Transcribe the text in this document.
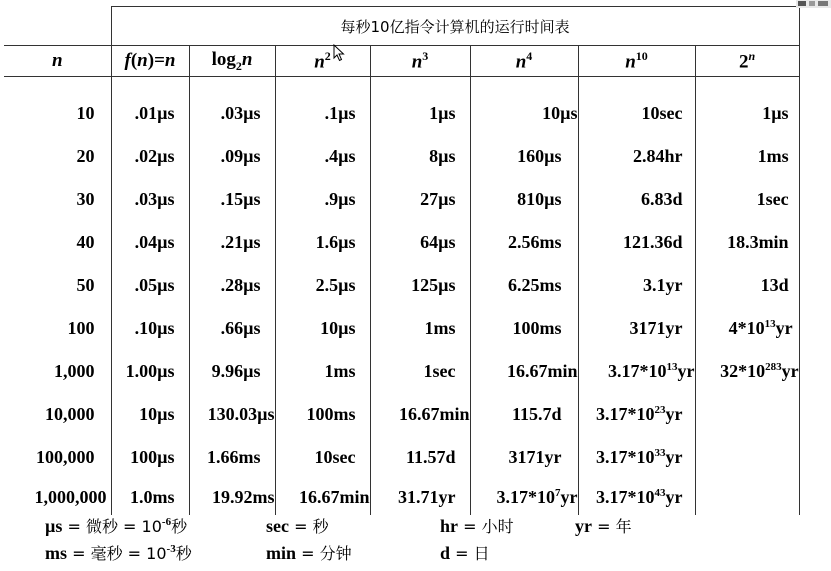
	每秒10亿指令计算机的运行时间表						
n	f(n)=n	$\log_2n$	$n^2$	$n^3$	$n^4$	$n^{10}$	2$^n$

10	.01µs	.03µs	.1µs	1µs	10µs	10sec	1µs
20	.02µs	.09µs	.4µs	8µs	160µs	2.84hr	1ms
30	.03µs	.15µs	.9µs	27µs	810µs	6.83d	1sec
40	.04µs	.21µs	1.6µs	64µs	2.56ms	121.36d	18.3min
50	.05µs	.28µs	2.5µs	125µs	6.25ms	3.1yr	13d
100	.10µs	.66µs	10µs	1ms	100ms	3171yr	$4*10^{13}yr$
1,000	1.00µs	9.96µs	1ms	1sec	16.67min	$3.17*10^{13}yr$	$32*10^{283}yr$
10,000	10µs	130.03µs	100ms	16.67min	115.7d	$3.17*10^{23}yr$	
100,000	100µs	1.66ms	10sec	11.57d	3171yr	$3.17*10^{33}yr$	
1,000,000	1.0ms	19.92ms	16.67min	31.71yr	$3.17*10^7yr$	$3.17*10^{43}yr$	
µs = 微秒 = $10^{-6}$秒
ms = 毫秒 = $10^{-3}$秒
sec = 秒
min = 分钟
hr = 小时
d = 日
yr = 年
